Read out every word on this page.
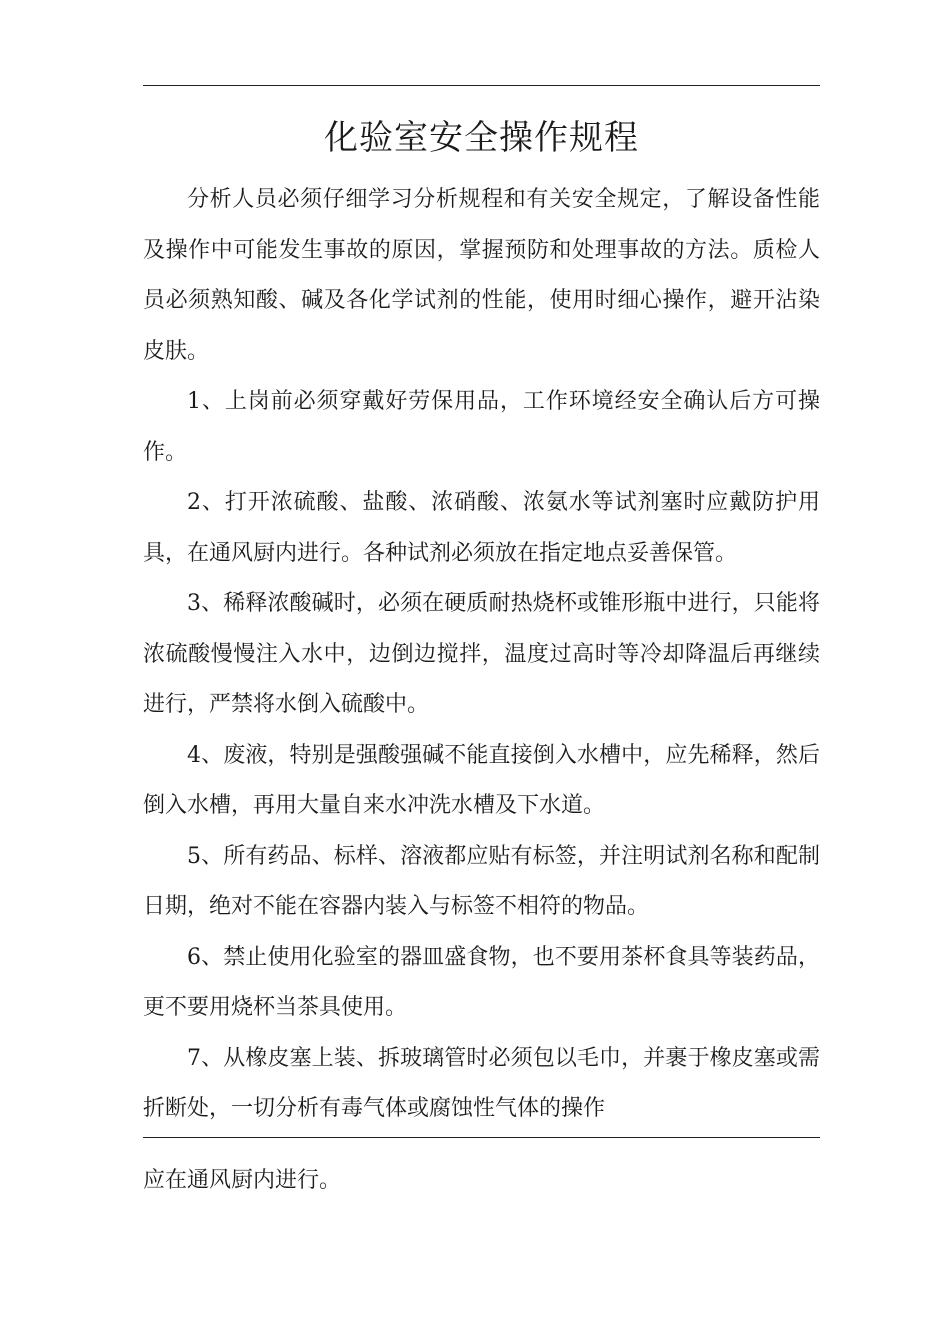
化验室安全操作规程

分析人员必须仔细学习分析规程和有关安全规定，了解设备性能及操作中可能发生事故的原因，掌握预防和处理事故的方法。质检人员必须熟知酸、碱及各化学试剂的性能，使用时细心操作，避开沾染皮肤。

1、上岗前必须穿戴好劳保用品，工作环境经安全确认后方可操作。

2、打开浓硫酸、盐酸、浓硝酸、浓氨水等试剂塞时应戴防护用具，在通风厨内进行。各种试剂必须放在指定地点妥善保管。

3、稀释浓酸碱时，必须在硬质耐热烧杯或锥形瓶中进行，只能将浓硫酸慢慢注入水中，边倒边搅拌，温度过高时等冷却降温后再继续进行，严禁将水倒入硫酸中。

4、废液，特别是强酸强碱不能直接倒入水槽中，应先稀释，然后倒入水槽，再用大量自来水冲洗水槽及下水道。

5、所有药品、标样、溶液都应贴有标签，并注明试剂名称和配制日期，绝对不能在容器内装入与标签不相符的物品。

6、禁止使用化验室的器皿盛食物，也不要用茶杯食具等装药品，更不要用烧杯当茶具使用。

7、从橡皮塞上装、拆玻璃管时必须包以毛巾，并裹于橡皮塞或需折断处，一切分析有毒气体或腐蚀性气体的操作

应在通风厨内进行。
